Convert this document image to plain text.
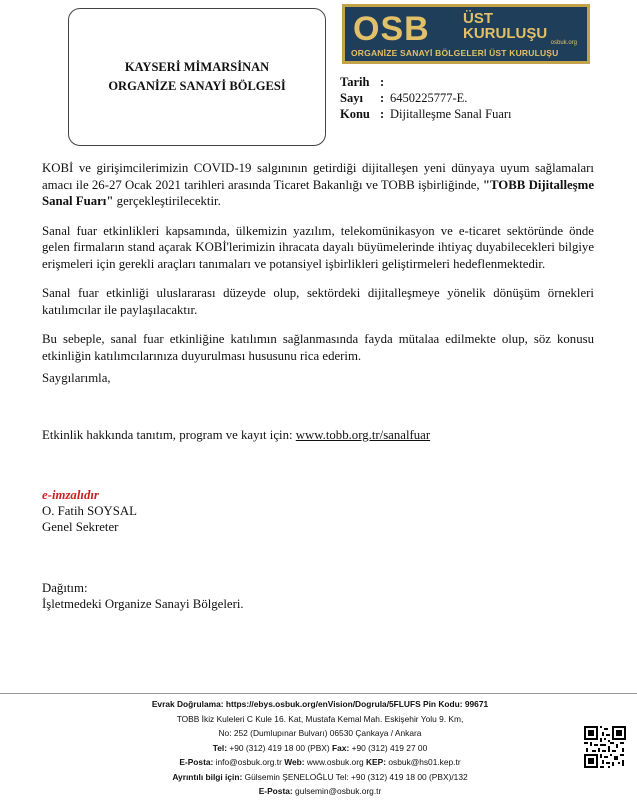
KAYSERİ MİMARSİNAN
ORGANİZE SANAYİ BÖLGESİ
OSB ÜST
KURULUŞU
osbuk.org
ORGANİZE SANAYİ BÖLGELERİ ÜST KURULUŞU
Tarih :
Sayı	: 6450225777-E.
Konu : Dijitalleşme Sanal Fuarı

KOBİ ve girişimcilerimizin COVID-19 salgınının getirdiği dijitalleşen yeni dünyaya uyum sağlamaları amacı ile 26-27 Ocak 2021 tarihleri arasında Ticaret Bakanlığı ve TOBB işbirliğinde, "TOBB Dijitalleşme Sanal Fuarı" gerçekleştirilecektir.

Sanal fuar etkinlikleri kapsamında, ülkemizin yazılım, telekomünikasyon ve e-ticaret sektöründe önde gelen firmaların stand açarak KOBİ'lerimizin ihracata dayalı büyümelerinde ihtiyaç duyabilecekleri bilgiye erişmeleri için gerekli araçları tanımaları ve potansiyel işbirlikleri geliştirmeleri hedeflenmektedir.

Sanal fuar etkinliği uluslararası düzeyde olup, sektördeki dijitalleşmeye yönelik dönüşüm örnekleri katılımcılar ile paylaşılacaktır.

Bu sebeple, sanal fuar etkinliğine katılımın sağlanmasında fayda mütalaa edilmekte olup, söz konusu etkinliğin katılımcılarınıza duyurulması hususunu rica ederim.

Saygılarımla,
Etkinlik hakkında tanıtım, program ve kayıt için: www.tobb.org.tr/sanalfuar
e-imzalıdır
O. Fatih SOYSAL
Genel Sekreter
Dağıtım:
İşletmedeki Organize Sanayi Bölgeleri.
Evrak Doğrulama: https://ebys.osbuk.org/enVision/Dogrula/5FLUFS Pin Kodu: 99671
TOBB İkiz Kuleleri C Kule 16. Kat, Mustafa Kemal Mah. Eskişehir Yolu 9. Km,
No: 252 (Dumlupınar Bulvarı) 06530 Çankaya / Ankara
Tel: +90 (312) 419 18 00 (PBX) Fax: +90 (312) 419 27 00
E-Posta: info@osbuk.org.tr Web: www.osbuk.org KEP: osbuk@hs01.kep.tr
Ayrıntılı bilgi için: Gülsemin ŞENELOĞLU Tel: +90 (312) 419 18 00 (PBX)/132
E-Posta: gulsemin@osbuk.org.tr
